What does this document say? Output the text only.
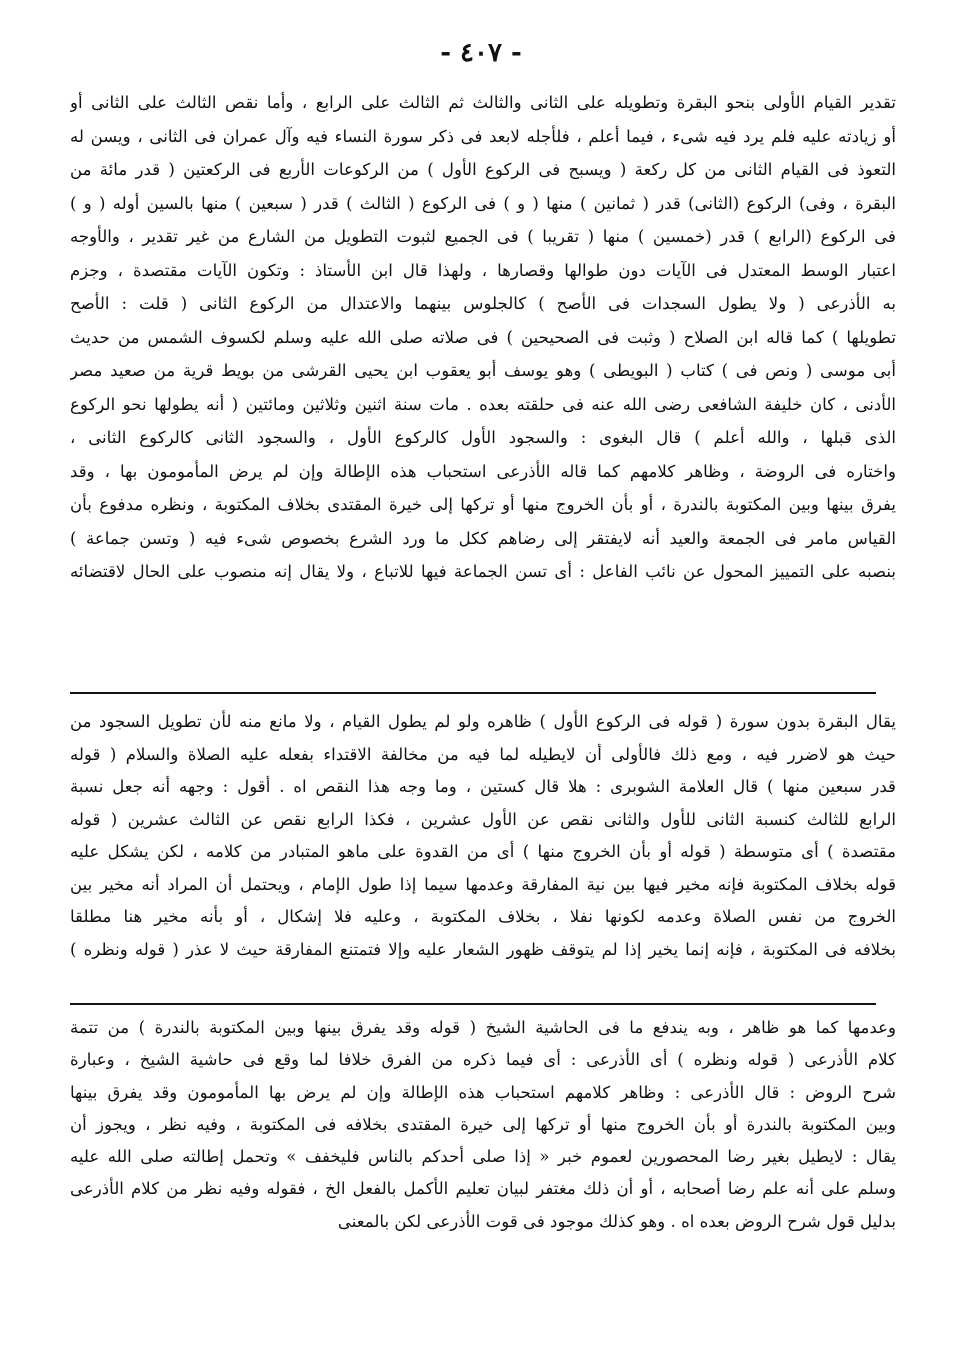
- ٤٠٧ -
تقدير القيام الأولى بنحو البقرة وتطويله على الثانى والثالث ثم الثالث على الرابع ، وأما نقص الثالث على الثانى أو
أو زيادته عليه فلم يرد فيه شىء ، فيما أعلم ، فلأجله لابعد فى ذكر سورة النساء فيه وآل عمران فى الثانى ، ويسن له
التعوذ فى القيام الثانى من كل ركعة ( ويسبح فى الركوع الأول ) من الركوعات الأربع فى الركعتين ( قدر مائة من
البقرة ، وفى) الركوع (الثانى) قدر ( ثمانين ) منها ( و ) فى الركوع ( الثالث ) قدر ( سبعين ) منها بالسين أوله ( و )
فى الركوع (الرابع ) قدر (خمسين ) منها ( تقريبا ) فى الجميع لثبوت التطويل من الشارع من غير تقدير ، والأوجه
اعتبار الوسط المعتدل فى الآيات دون طوالها وقصارها ، ولهذا قال ابن الأستاذ : وتكون الآيات مقتصدة ، وجزم
به الأذرعى ( ولا يطول السجدات فى الأصح ) كالجلوس بينهما والاعتدال من الركوع الثانى ( قلت : الأصح
تطويلها ) كما قاله ابن الصلاح ( وثبت فى الصحيحين ) فى صلاته صلى الله عليه وسلم لكسوف الشمس من حديث
أبى موسى ( ونص فى ) كتاب ( البويطى ) وهو يوسف أبو يعقوب ابن يحيى القرشى من بويط قرية من صعيد مصر
الأدنى ، كان خليفة الشافعى رضى الله عنه فى حلقته بعده . مات سنة اثنين وثلاثين ومائتين ( أنه يطولها نحو الركوع
الذى قبلها ، والله أعلم ) قال البغوى : والسجود الأول كالركوع الأول ، والسجود الثانى كالركوع الثانى ،
واختاره فى الروضة ، وظاهر كلامهم كما قاله الأذرعى استحباب هذه الإطالة وإن لم يرض المأمومون بها ، وقد
يفرق بينها وبين المكتوبة بالندرة ، أو بأن الخروج منها أو تركها إلى خيرة المقتدى بخلاف المكتوبة ، ونظره مدفوع بأن
القياس مامر فى الجمعة والعيد أنه لايفتقر إلى رضاهم ككل ما ورد الشرع بخصوص شىء فيه ( وتسن جماعة )
بنصبه على التمييز المحول عن نائب الفاعل : أى تسن الجماعة فيها للاتباع ، ولا يقال إنه منصوب على الحال لاقتضائه
يقال البقرة بدون سورة ( قوله فى الركوع الأول ) ظاهره ولو لم يطول القيام ، ولا مانع منه لأن تطويل السجود من
حيث هو لاضرر فيه ، ومع ذلك فالأولى أن لايطيله لما فيه من مخالفة الاقتداء بفعله عليه الصلاة والسلام ( قوله
قدر سبعين منها ) قال العلامة الشوبرى : هلا قال كستين ، وما وجه هذا النقص اه . أقول : وجهه أنه جعل نسبة
الرابع للثالث كنسبة الثانى للأول والثانى نقص عن الأول عشرين ، فكذا الرابع نقص عن الثالث عشرين ( قوله
مقتصدة ) أى متوسطة ( قوله أو بأن الخروج منها ) أى من القدوة على ماهو المتبادر من كلامه ، لكن يشكل عليه
قوله بخلاف المكتوبة فإنه مخير فيها بين نية المفارقة وعدمها سيما إذا طول الإمام ، ويحتمل أن المراد أنه مخير بين
الخروج من نفس الصلاة وعدمه لكونها نفلا ، بخلاف المكتوبة ، وعليه فلا إشكال ، أو بأنه مخير هنا مطلقا
بخلافه فى المكتوبة ، فإنه إنما يخير إذا لم يتوقف ظهور الشعار عليه وإلا فتمتنع المفارقة حيث لا عذر ( قوله ونظره )
وعدمها كما هو ظاهر ، وبه يندفع ما فى الحاشية الشيخ ( قوله وقد يفرق بينها وبين المكتوبة بالندرة ) من تتمة
كلام الأذرعى ( قوله ونظره ) أى الأذرعى : أى فيما ذكره من الفرق خلافا لما وقع فى حاشية الشيخ ، وعبارة
شرح الروض : قال الأذرعى : وظاهر كلامهم استحباب هذه الإطالة وإن لم يرض بها المأمومون وقد يفرق بينها
وبين المكتوبة بالندرة أو بأن الخروج منها أو تركها إلى خيرة المقتدى بخلافه فى المكتوبة ، وفيه نظر ، ويجوز أن
يقال : لايطيل بغير رضا المحصورين لعموم خبر « إذا صلى أحدكم بالناس فليخفف » وتحمل إطالته صلى الله عليه
وسلم على أنه علم رضا أصحابه ، أو أن ذلك مغتفر لبيان تعليم الأكمل بالفعل الخ ، فقوله وفيه نظر من كلام الأذرعى
بدليل قول شرح الروض بعده اه . وهو كذلك موجود فى قوت الأذرعى لكن بالمعنى
